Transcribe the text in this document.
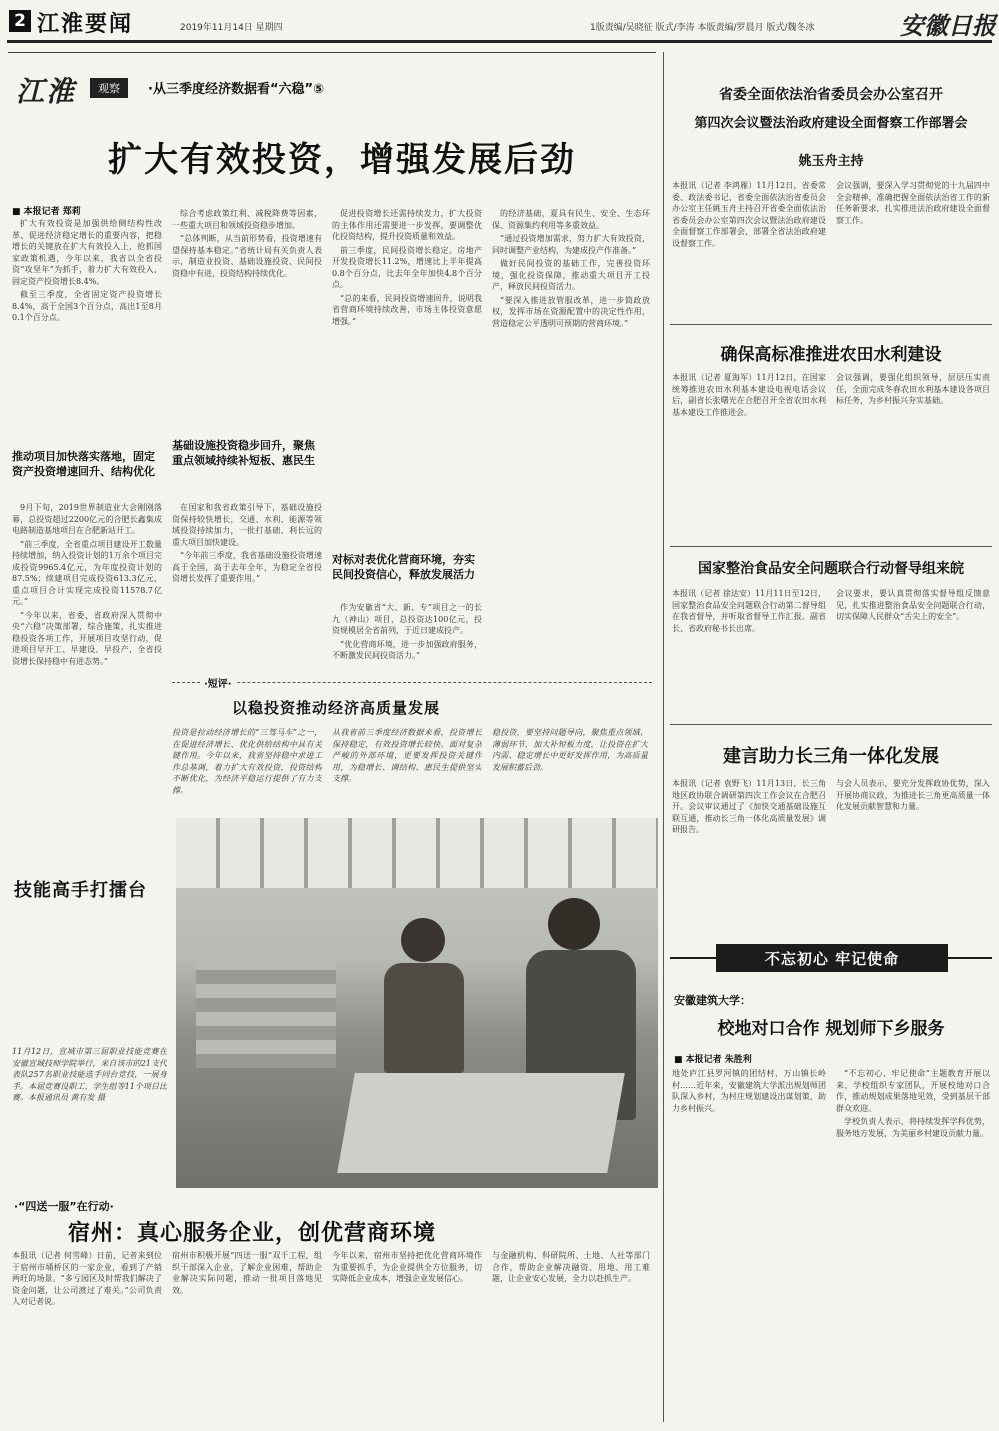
2 江淮要闻	2019年11月14日 星期四	1版责编/吴晓征 版式/李涛 本版责编/罗晨月 版式/魏冬冰	安徽日报
江淮	观察	·从三季度经济数据看“六稳”⑤
扩大有效投资，增强发展后劲
■ 本报记者 郑莉

扩大有效投资是加强供给侧结构性改革、促进经济稳定增长的重要内容，把稳增长的关键放在扩大有效投入上，抢抓国家政策机遇，今年以来，我省以全省投资“攻坚年”为抓手，着力扩大有效投入，固定资产投资增长8.4%。

截至三季度，全省固定资产投资增长8.4%，高于全国3个百分点，高出1至8月0.1个百分点。

推动项目加快落实落地，固定资产投资增速回升、结构优化

9月下旬，2019世界制造业大会刚刚落幕，总投资超过2200亿元的合肥长鑫集成电路制造基地项目在合肥新站开工。

“前三季度，全省重点项目建设开工数量持续增加，纳入投资计划的1万余个项目完成投资9965.4亿元，为年度投资计划的87.5%；续建项目完成投资613.3亿元，重点项目合计实现完成投资11578.7亿元。”

“今年以来，省委、省政府深入贯彻中央“六稳”决策部署，综合施策，扎实推进稳投资各项工作，开展项目攻坚行动，促进项目早开工、早建设、早投产，全省投资增长保持稳中有进态势。”

综合考虑政策红利、减税降费等因素，一些重大项目和领域投资稳步增加。

“总体判断，从当前形势看，投资增速有望保持基本稳定。”省统计局有关负责人表示，制造业投资、基础设施投资、民间投资稳中有进，投资结构持续优化。

基础设施投资稳步回升，聚焦重点领域持续补短板、惠民生

在国家和我省政策引导下，基础设施投资保持较快增长，交通、水利、能源等领域投资持续加力，一批打基础、利长远的重大项目加快建设。

“今年前三季度，我省基础设施投资增速高于全国，高于去年全年，为稳定全省投资增长发挥了重要作用。”

促进投资增长还需持续发力，扩大投资的主体作用还需要进一步发挥，要调整优化投资结构，提升投资质量和效益。

前三季度，民间投资增长稳定。房地产开发投资增长11.2%，增速比上半年提高0.8个百分点，比去年全年加快4.8个百分点。

“总的来看，民间投资增速回升，说明我省营商环境持续改善，市场主体投资意愿增强。”

对标对表优化营商环境，夯实民间投资信心，释放发展活力

作为安徽省“大、新、专”项目之一的长九（神山）项目，总投资达100亿元，投资规模居全省前列，于近日建成投产。

“优化营商环境，进一步加强政府服务，不断激发民间投资活力。”

的经济基础，夏具有民生、安全、生态环保、资源集约利用等多重效益。

“通过投资增加需求，努力扩大有效投资，同时调整产业结构，为建成投产作准备。”

做好民间投资的基础工作，完善投资环境，强化投资保障，推动重大项目开工投产，释放民间投资活力。

“要深入推进放管服改革，进一步简政放权，发挥市场在资源配置中的决定性作用，营造稳定公平透明可预期的营商环境。”

·短评·
以稳投资推动经济高质量发展
投资是拉动经济增长的“三驾马车”之一，在促进经济增长、优化供给结构中具有关键作用。今年以来，我省坚持稳中求进工作总基调，着力扩大有效投资，投资结构不断优化，为经济平稳运行提供了有力支撑。
从我省前三季度经济数据来看，投资增长保持稳定，有效投资增长较快。面对复杂严峻的外部环境，更要发挥投资关键作用，为稳增长、调结构、惠民生提供坚实支撑。
稳投资，要坚持问题导向，聚焦重点领域、薄弱环节，加大补短板力度，让投资在扩大内需、稳定增长中更好发挥作用，为高质量发展积蓄后劲。
技能高手打擂台
11月12日，宣城市第三届职业技能竞赛在安徽宣城技师学院举行，来自该市的21支代表队257名职业技能选手同台竞技，一展身手。本届竞赛设职工、学生组等11个项目比赛。本报通讯员 黄有发 摄
·“四送一服”在行动·
宿州：真心服务企业，创优营商环境
本报讯（记者 何雪峰）日前，记者来到位于宿州市埇桥区的一家企业，看到了产销两旺的场景。“多亏园区及时帮我们解决了资金问题，让公司渡过了难关。”公司负责人对记者说。
宿州市积极开展“四送一服”双千工程，组织干部深入企业，了解企业困难，帮助企业解决实际问题，推动一批项目落地见效。
今年以来，宿州市坚持把优化营商环境作为重要抓手，为企业提供全方位服务，切实降低企业成本，增强企业发展信心。
与金融机构、科研院所、土地、人社等部门合作，帮助企业解决融资、用地、用工难题，让企业安心发展，全力以赴抓生产。
省委全面依法治省委员会办公室召开
第四次会议暨法治政府建设全面督察工作部署会
姚玉舟主持
本报讯（记者 李鸿雁）11月12日，省委常委、政法委书记、省委全面依法治省委员会办公室主任姚玉舟主持召开省委全面依法治省委员会办公室第四次会议暨法治政府建设全面督察工作部署会，部署全省法治政府建设督察工作。
会议强调，要深入学习贯彻党的十九届四中全会精神，准确把握全面依法治省工作的新任务新要求，扎实推进法治政府建设全面督察工作。
确保高标准推进农田水利建设
本报讯（记者 夏海军）11月12日，在国家统筹推进农田水利基本建设电视电话会议后，副省长张曙光在合肥召开全省农田水利基本建设工作推进会。
会议强调，要强化组织领导，层层压实责任，全面完成冬春农田水利基本建设各项目标任务，为乡村振兴夯实基础。
国家整治食品安全问题联合行动督导组来皖
本报讯（记者 徐达安）11月11日至12日，国家整治食品安全问题联合行动第二督导组在我省督导，并听取省督导工作汇报。副省长、省政府秘书长出席。
会议要求，要认真贯彻落实督导组反馈意见，扎实推进整治食品安全问题联合行动，切实保障人民群众“舌尖上的安全”。
建言助力长三角一体化发展
本报讯（记者 袁野飞）11月13日，长三角地区政协联合调研第四次工作会议在合肥召开。会议审议通过了《加快交通基础设施互联互通，推动长三角一体化高质量发展》调研报告。
与会人员表示，要充分发挥政协优势，深入开展协商议政，为推进长三角更高质量一体化发展贡献智慧和力量。
不忘初心 牢记使命
安徽建筑大学：
校地对口合作 规划师下乡服务
■ 本报记者 朱胜利
地处庐江县罗河镇的团结村，万山镇长岭村……近年来，安徽建筑大学派出规划师团队深入乡村，为村庄规划建设出谋划策，助力乡村振兴。

“不忘初心、牢记使命”主题教育开展以来，学校组织专家团队，开展校地对口合作，推动规划成果落地见效，受到基层干部群众欢迎。

学校负责人表示，将持续发挥学科优势，服务地方发展，为美丽乡村建设贡献力量。
